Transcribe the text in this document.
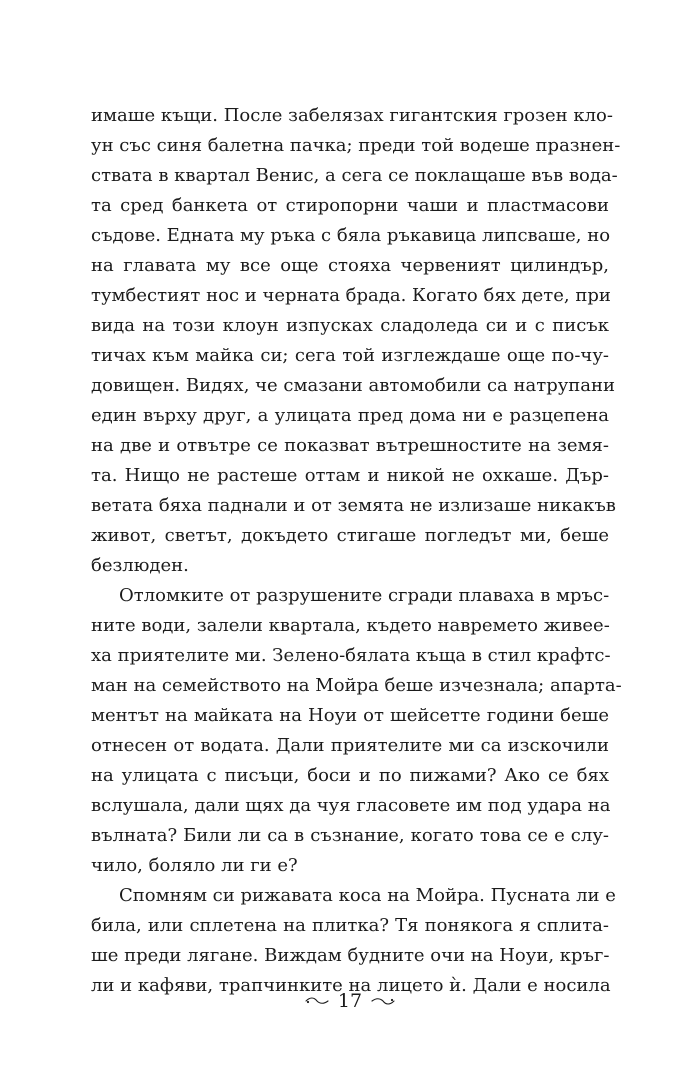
имаше къщи. После забелязах гигантския грозен кло-
ун със синя балетна пачка; преди той водеше празнен-
ствата в квартал Венис, а сега се поклащаше във вода-
та сред банкета от стиропорни чаши и пластмасови
съдове. Едната му ръка с бяла ръкавица липсваше, но
на главата му все още стояха червеният цилиндър,
тумбестият нос и черната брада. Когато бях дете, при
вида на този клоун изпусках сладоледа си и с писък
тичах към майка си; сега той изглеждаше още по-чу-
довищен. Видях, че смазани автомобили са натрупани
един върху друг, а улицата пред дома ни е разцепена
на две и отвътре се показват вътрешностите на земя-
та. Нищо не растеше оттам и никой не охкаше. Дър-
ветата бяха паднали и от земята не излизаше никакъв
живот, светът, докъдето стигаше погледът ми, беше
безлюден.
Отломките от разрушените сгради плаваха в мръс-
ните води, залели квартала, където навремето живее-
ха приятелите ми. Зелено-бялата къща в стил крафтс-
ман на семейството на Мойра беше изчезнала; апарта-
ментът на майката на Ноуи от шейсетте години беше
отнесен от водата. Дали приятелите ми са изскочили
на улицата с писъци, боси и по пижами? Ако се бях
вслушала, дали щях да чуя гласовете им под удара на
вълната? Били ли са в съзнание, когато това се е слу-
чило, боляло ли ги е?
Спомням си рижавата коса на Мойра. Пусната ли е
била, или сплетена на плитка? Тя понякога я сплита-
ше преди лягане. Виждам будните очи на Ноуи, кръг-
ли и кафяви, трапчинките на лицето ѝ. Дали е носила
17
